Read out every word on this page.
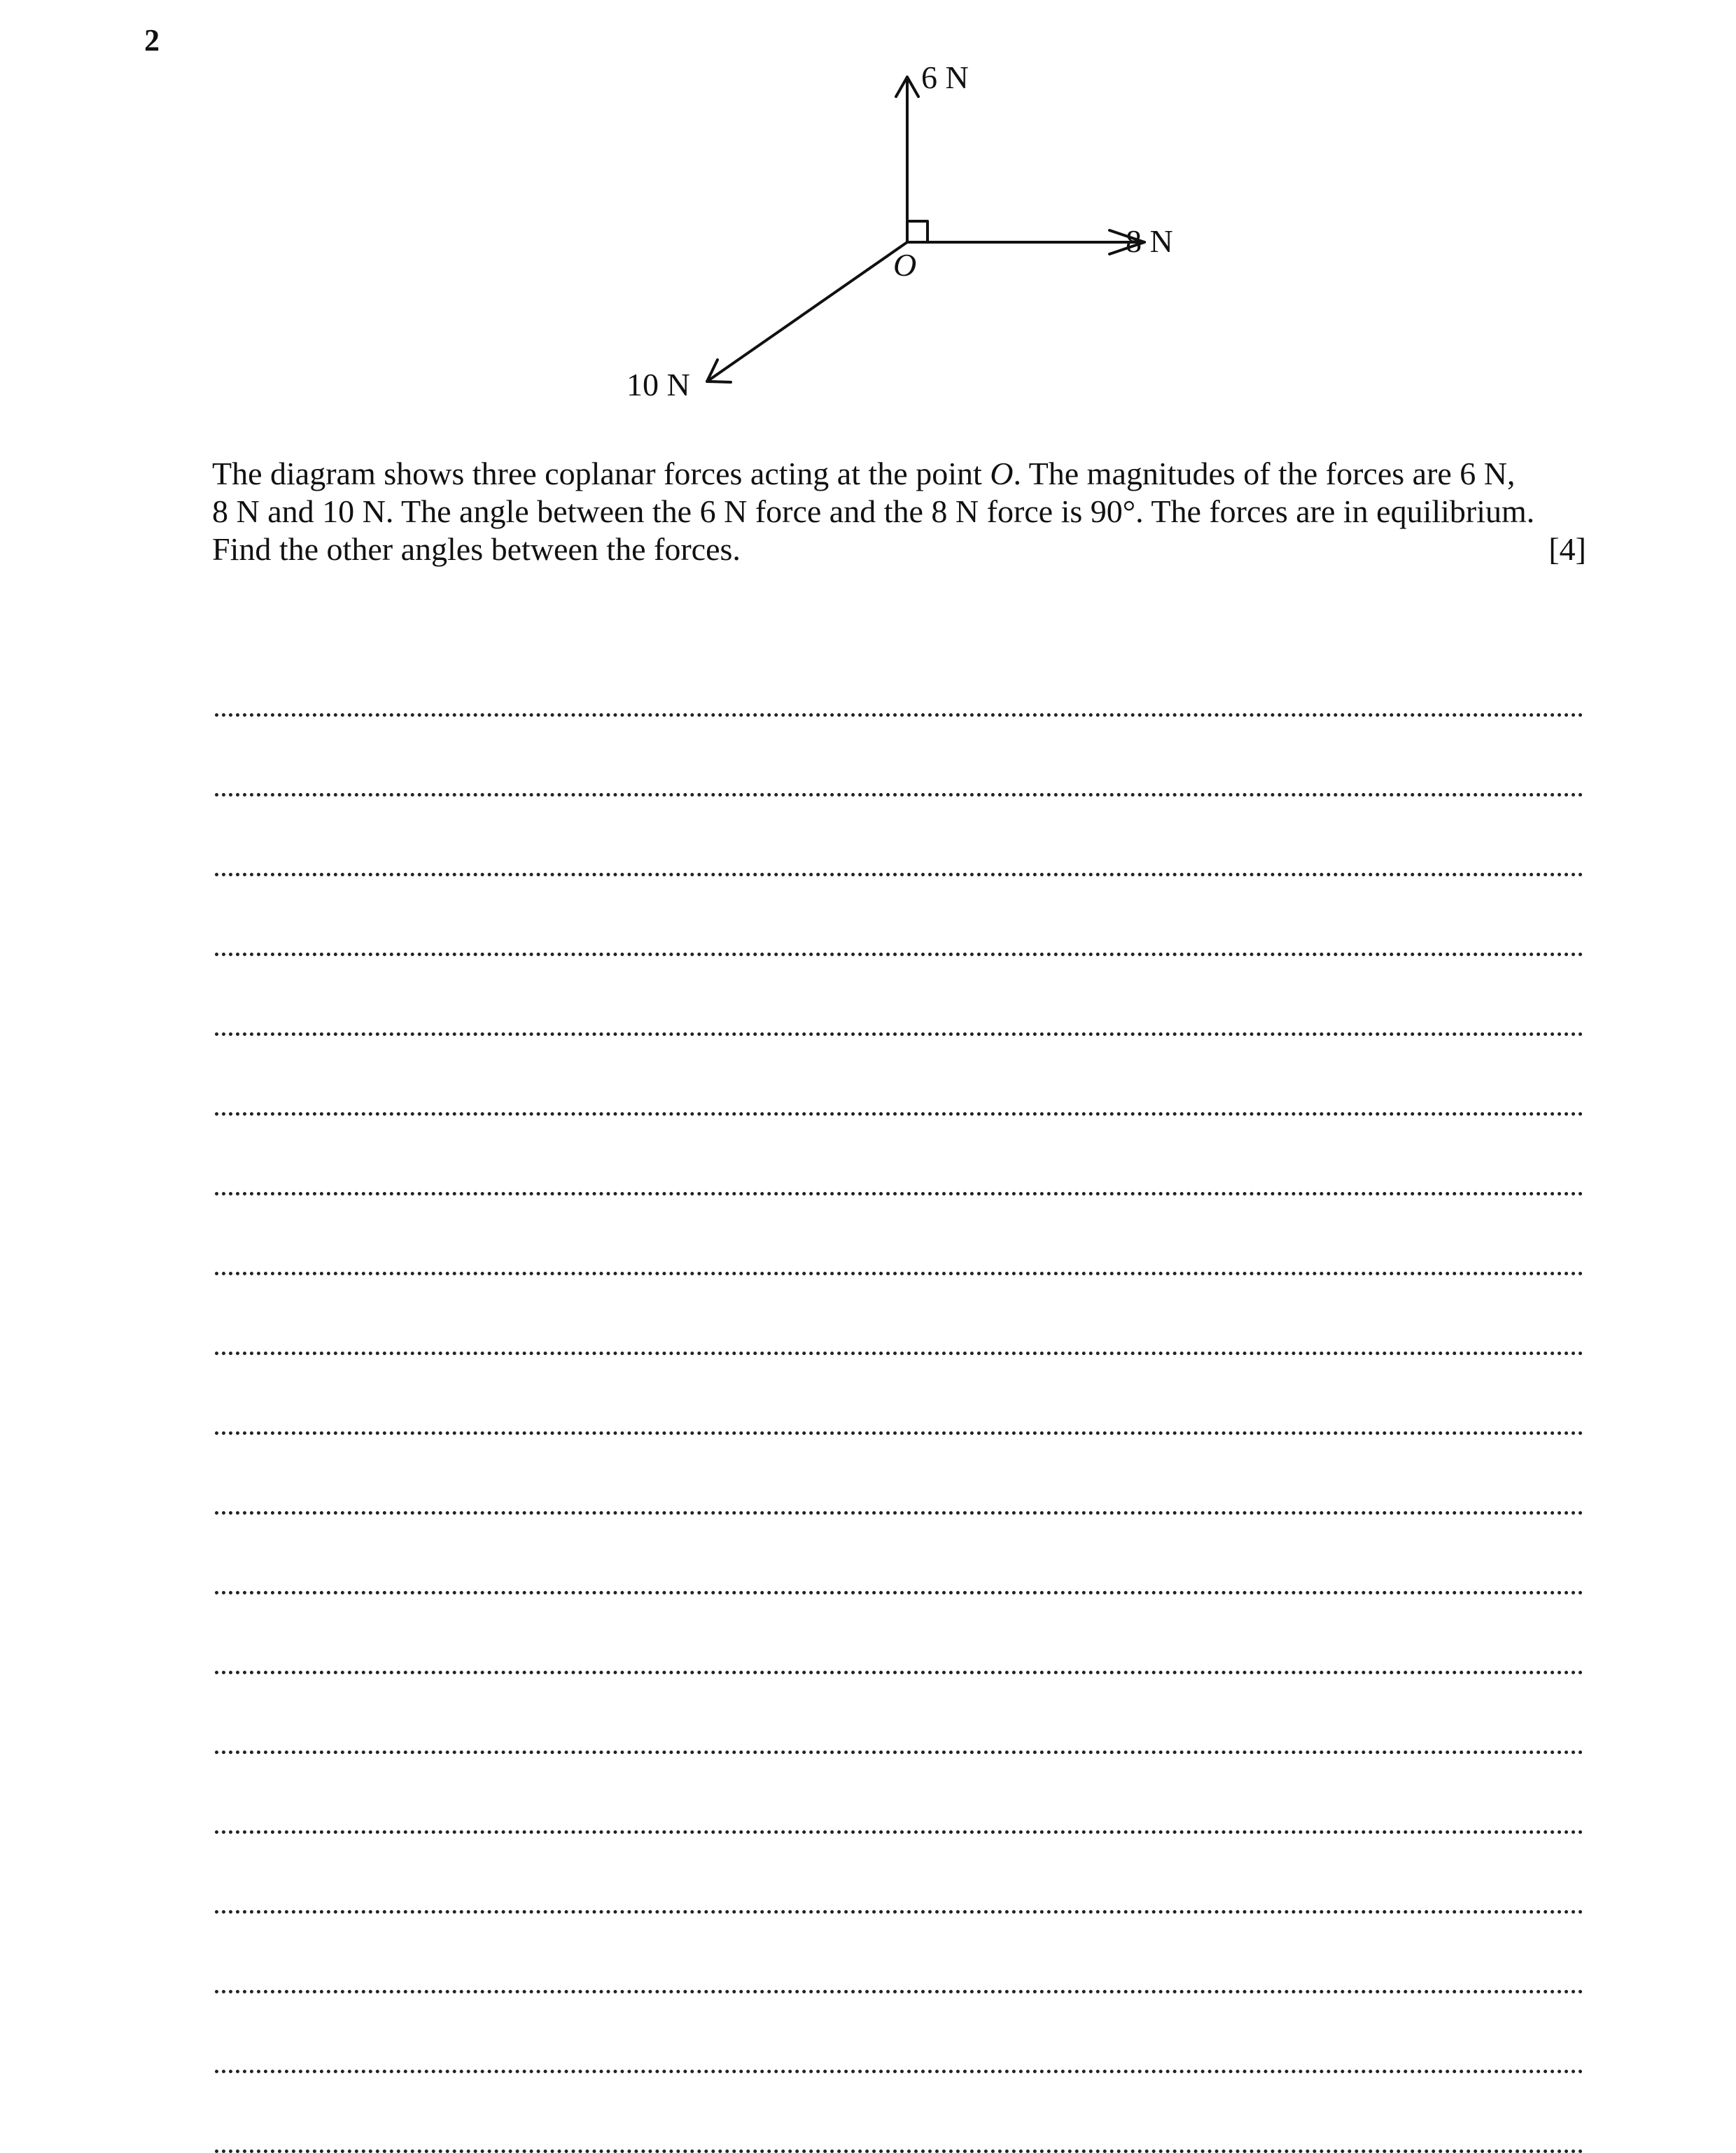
2
6 N
8 N
10 N
O
The diagram shows three coplanar forces acting at the point O. The magnitudes of the forces are 6 N,
8 N and 10 N. The angle between the 6 N force and the 8 N force is 90°. The forces are in equilibrium.
Find the other angles between the forces.	[4]
